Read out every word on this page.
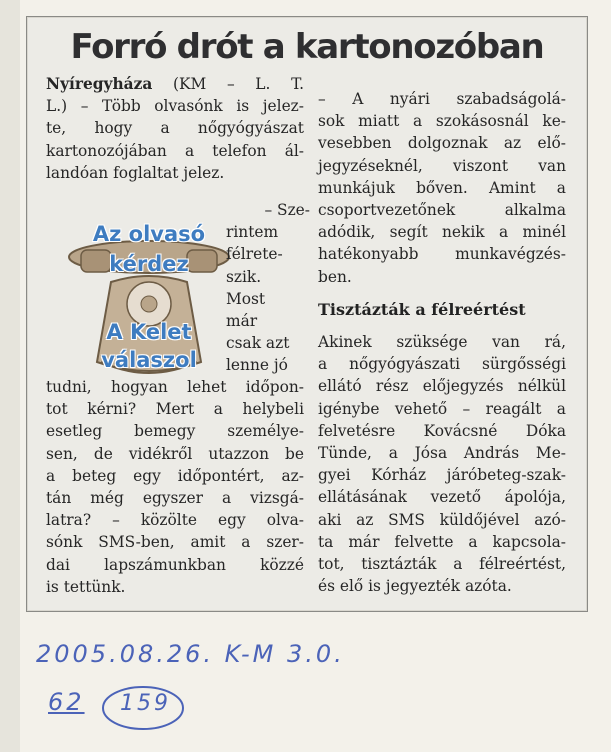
Forró drót a kartonozóban
Az olvasó
kérdez
A Kelet
válaszol
Nyíregyháza (KM – L. T.
L.) – Több olvasónk is jelez-
te, hogy a nőgyógyászat
kartonozójában a telefon ál-
landóan foglaltat jelez.
– Sze-
rintem
félrete-
szik.
Most
már
csak azt
lenne jó
tudni, hogyan lehet időpon-
tot kérni? Mert a helybeli
esetleg bemegy személye-
sen, de vidékről utazzon be
a beteg egy időpontért, az-
tán még egyszer a vizsgá-
latra? – közölte egy olva-
sónk SMS-ben, amit a szer-
dai lapszámunkban közzé
is tettünk.
– A nyári szabadságolá-
sok miatt a szokásosnál ke-
vesebben dolgoznak az elő-
jegyzéseknél, viszont van
munkájuk bőven. Amint a
csoportvezetőnek alkalma
adódik, segít nekik a minél
hatékonyabb munkavégzés-
ben.
Tisztázták a félreértést
Akinek szüksége van rá,
a nőgyógyászati sürgősségi
ellátó rész előjegyzés nélkül
igénybe vehető – reagált a
felvetésre Kovácsné Dóka
Tünde, a Jósa András Me-
gyei Kórház járóbeteg-szak-
ellátásának vezető ápolója,
aki az SMS küldőjével azó-
ta már felvette a kapcsola-
tot, tisztázták a félreértést,
és elő is jegyezték azóta.
2005.08.26. K-M 3.0.
62 159
